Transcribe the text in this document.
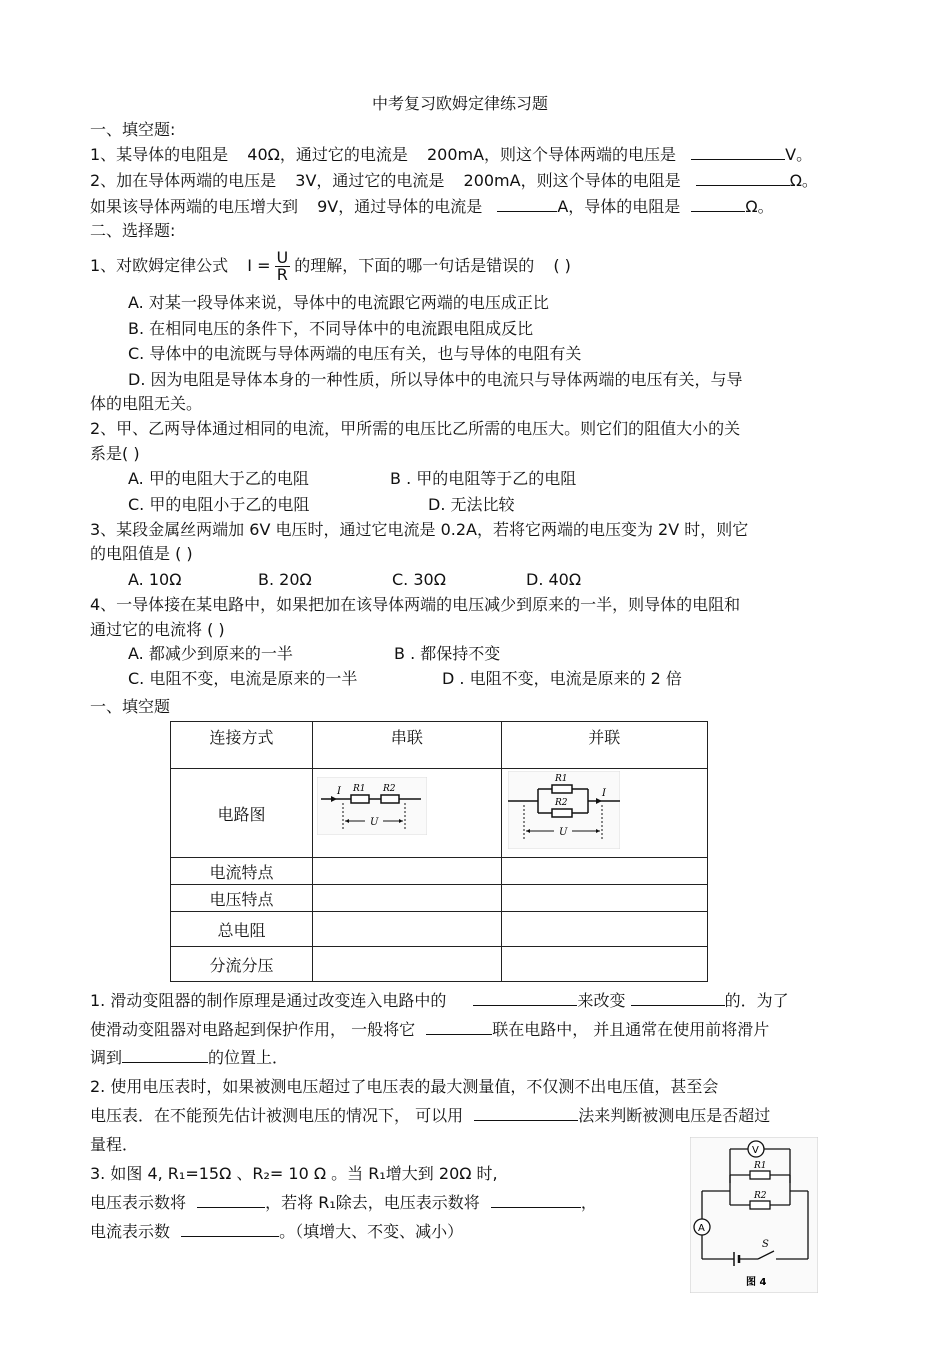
中考复习欧姆定律练习题
一、填空题:
1、某导体的电阻是 40Ω，通过它的电流是 200mA，则这个导体两端的电压是	V。
2、加在导体两端的电压是 3V，通过它的电流是 200mA，则这个导体的电阻是	Ω。
如果该导体两端的电压增大到 9V，通过导体的电流是	A，导体的电阻是	Ω。
二、选择题:
1、对欧姆定律公式 $I = \frac{U}{R}$ 的理解，下面的哪一句话是错误的 ( )
A. 对某一段导体来说，导体中的电流跟它两端的电压成正比
B. 在相同电压的条件下，不同导体中的电流跟电阻成反比
C. 导体中的电流既与导体两端的电压有关，也与导体的电阻有关
D. 因为电阻是导体本身的一种性质，所以导体中的电流只与导体两端的电压有关，与导
体的电阻无关。
2、甲、乙两导体通过相同的电流，甲所需的电压比乙所需的电压大。则它们的阻值大小的关
系是( )
A. 甲的电阻大于乙的电阻	B . 甲的电阻等于乙的电阻
C. 甲的电阻小于乙的电阻	D. 无法比较
3、某段金属丝两端加 6V 电压时，通过它电流是 0.2A，若将它两端的电压变为 2V 时，则它
的电阻值是 ( )
A. 10Ω	B. 20Ω	C. 30Ω	D. 40Ω
4、一导体接在某电路中，如果把加在该导体两端的电压减少到原来的一半，则导体的电阻和
通过它的电流将 ( )
A. 都减少到原来的一半	B . 都保持不变
C. 电阻不变，电流是原来的一半	D . 电阻不变，电流是原来的 2 倍
一、填空题
连接方式	串联	并联
电路图	I R1 R2
U	R1
R2
I
U

电流特点		
电压特点		
总电阻		
分流分压		
1. 滑动变阻器的制作原理是通过改变连入电路中的	来改变	的．为了
使滑动变阻器对电路起到保护作用， 一般将它	联在电路中， 并且通常在使用前将滑片
调到	的位置上．
2. 使用电压表时，如果被测电压超过了电压表的最大测量值，不仅测不出电压值，甚至会
电压表．在不能预先估计被测电压的情况下， 可以用	法来判断被测电压是否超过
量程．
3. 如图 4, R₁=15Ω 、R₂= 10 Ω 。当 R₁增大到 20Ω 时,
电压表示数将	，若将 R₁除去，电压表示数将	，
电流表示数	。（填增大、不变、减小）
V
R1
R2
A
S
图 4
